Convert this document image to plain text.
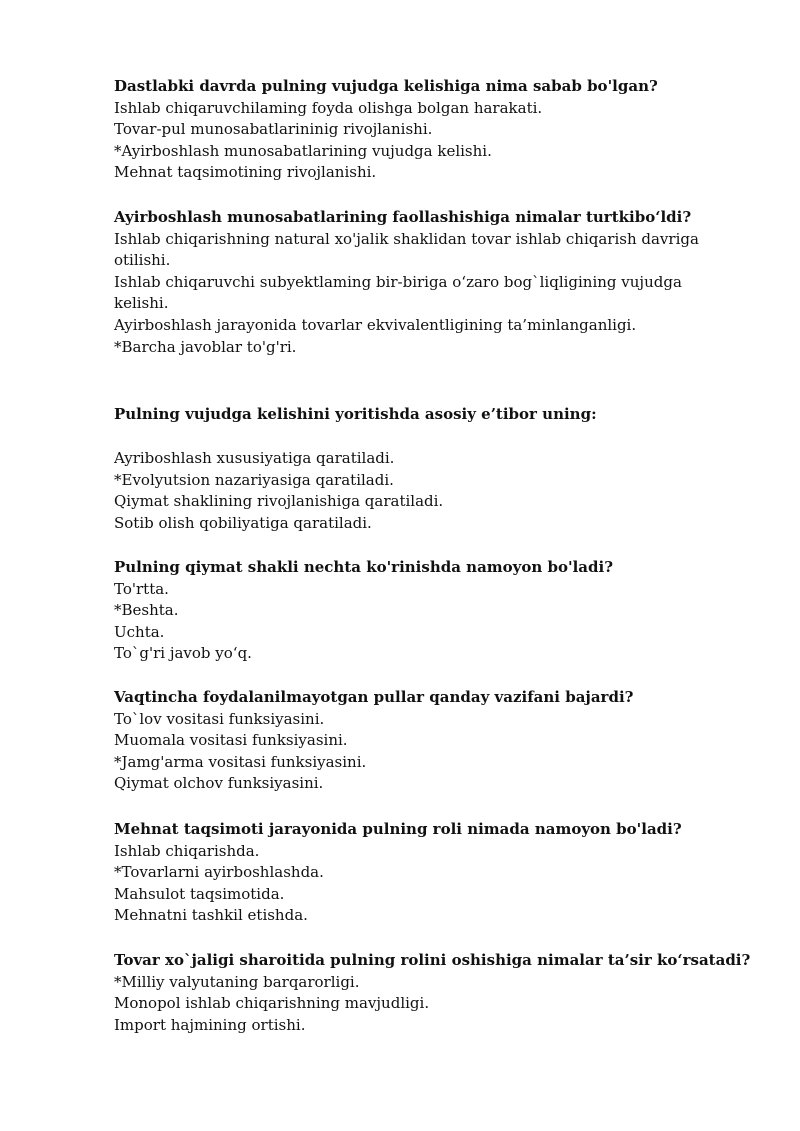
Dastlabki davrda pulning vujudga kelishiga nima sabab bo'lgan?
Ishlab chiqaruvchilaming foyda olishga bolgan harakati.
Tovar-pul munosabatlarininig rivojlanishi.
*Ayirboshlash munosabatlarining vujudga kelishi.
Mehnat taqsimotining rivojlanishi.
Ayirboshlash munosabatlarining faollashishiga nimalar turtkibo‘ldi?
Ishlab chiqarishning natural xo'jalik shaklidan tovar ishlab chiqarish davriga otilishi.
Ishlab chiqaruvchi subyektlaming bir-biriga o‘zaro bog`liqligining vujudga kelishi.
Ayirboshlash jarayonida tovarlar ekvivalentligining ta’minlanganligi.
*Barcha javoblar to'g'ri.
Pulning vujudga kelishini yoritishda asosiy e’tibor uning:
Ayriboshlash xususiyatiga qaratiladi.
*Evolyutsion nazariyasiga qaratiladi.
Qiymat shaklining rivojlanishiga qaratiladi.
Sotib olish qobiliyatiga qaratiladi.
Pulning qiymat shakli nechta ko'rinishda namoyon bo'ladi?
To'rtta.
*Beshta.
Uchta.
To`g'ri javob yo‘q.
Vaqtincha foydalanilmayotgan pullar qanday vazifani bajardi?
To`lov vositasi funksiyasini.
Muomala vositasi funksiyasini.
*Jamg'arma vositasi funksiyasini.
Qiymat olchov funksiyasini.
Mehnat taqsimoti jarayonida pulning roli nimada namoyon bo'ladi?
Ishlab chiqarishda.
*Tovarlarni ayirboshlashda.
Mahsulot taqsimotida.
Mehnatni tashkil etishda.
Tovar xo`jaligi sharoitida pulning rolini oshishiga nimalar ta’sir ko‘rsatadi?
*Milliy valyutaning barqarorligi.
Monopol ishlab chiqarishning mavjudligi.
Import hajmining ortishi.
